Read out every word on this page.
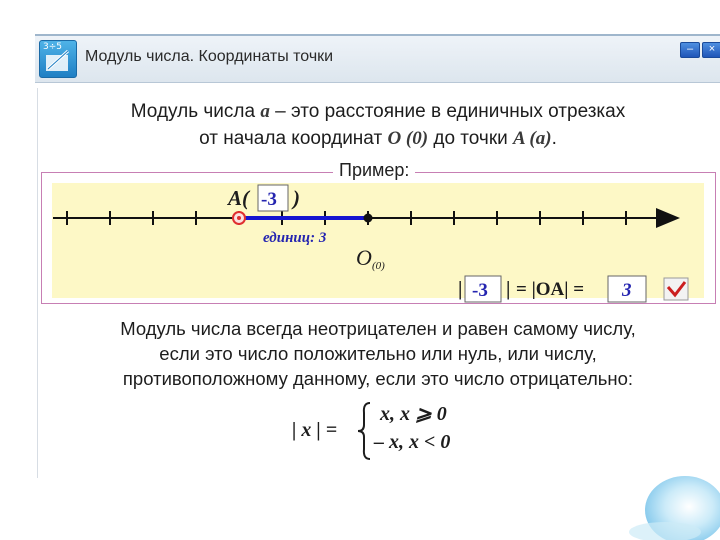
3÷5
Модуль числа. Координаты точки	–	×
Модуль числа a – это расстояние в единичных отрезках
от начала координат O (0) до точки A (a).
Пример:
A( -3 )
единиц: 3
O (0)
| -3 | = |OA| = 3
Модуль числа всегда неотрицателен и равен самому числу,
если это число положительно или нуль, или числу,
противоположному данному, если это число отрицательно:
| x | =
x, x ⩾ 0
– x, x < 0
